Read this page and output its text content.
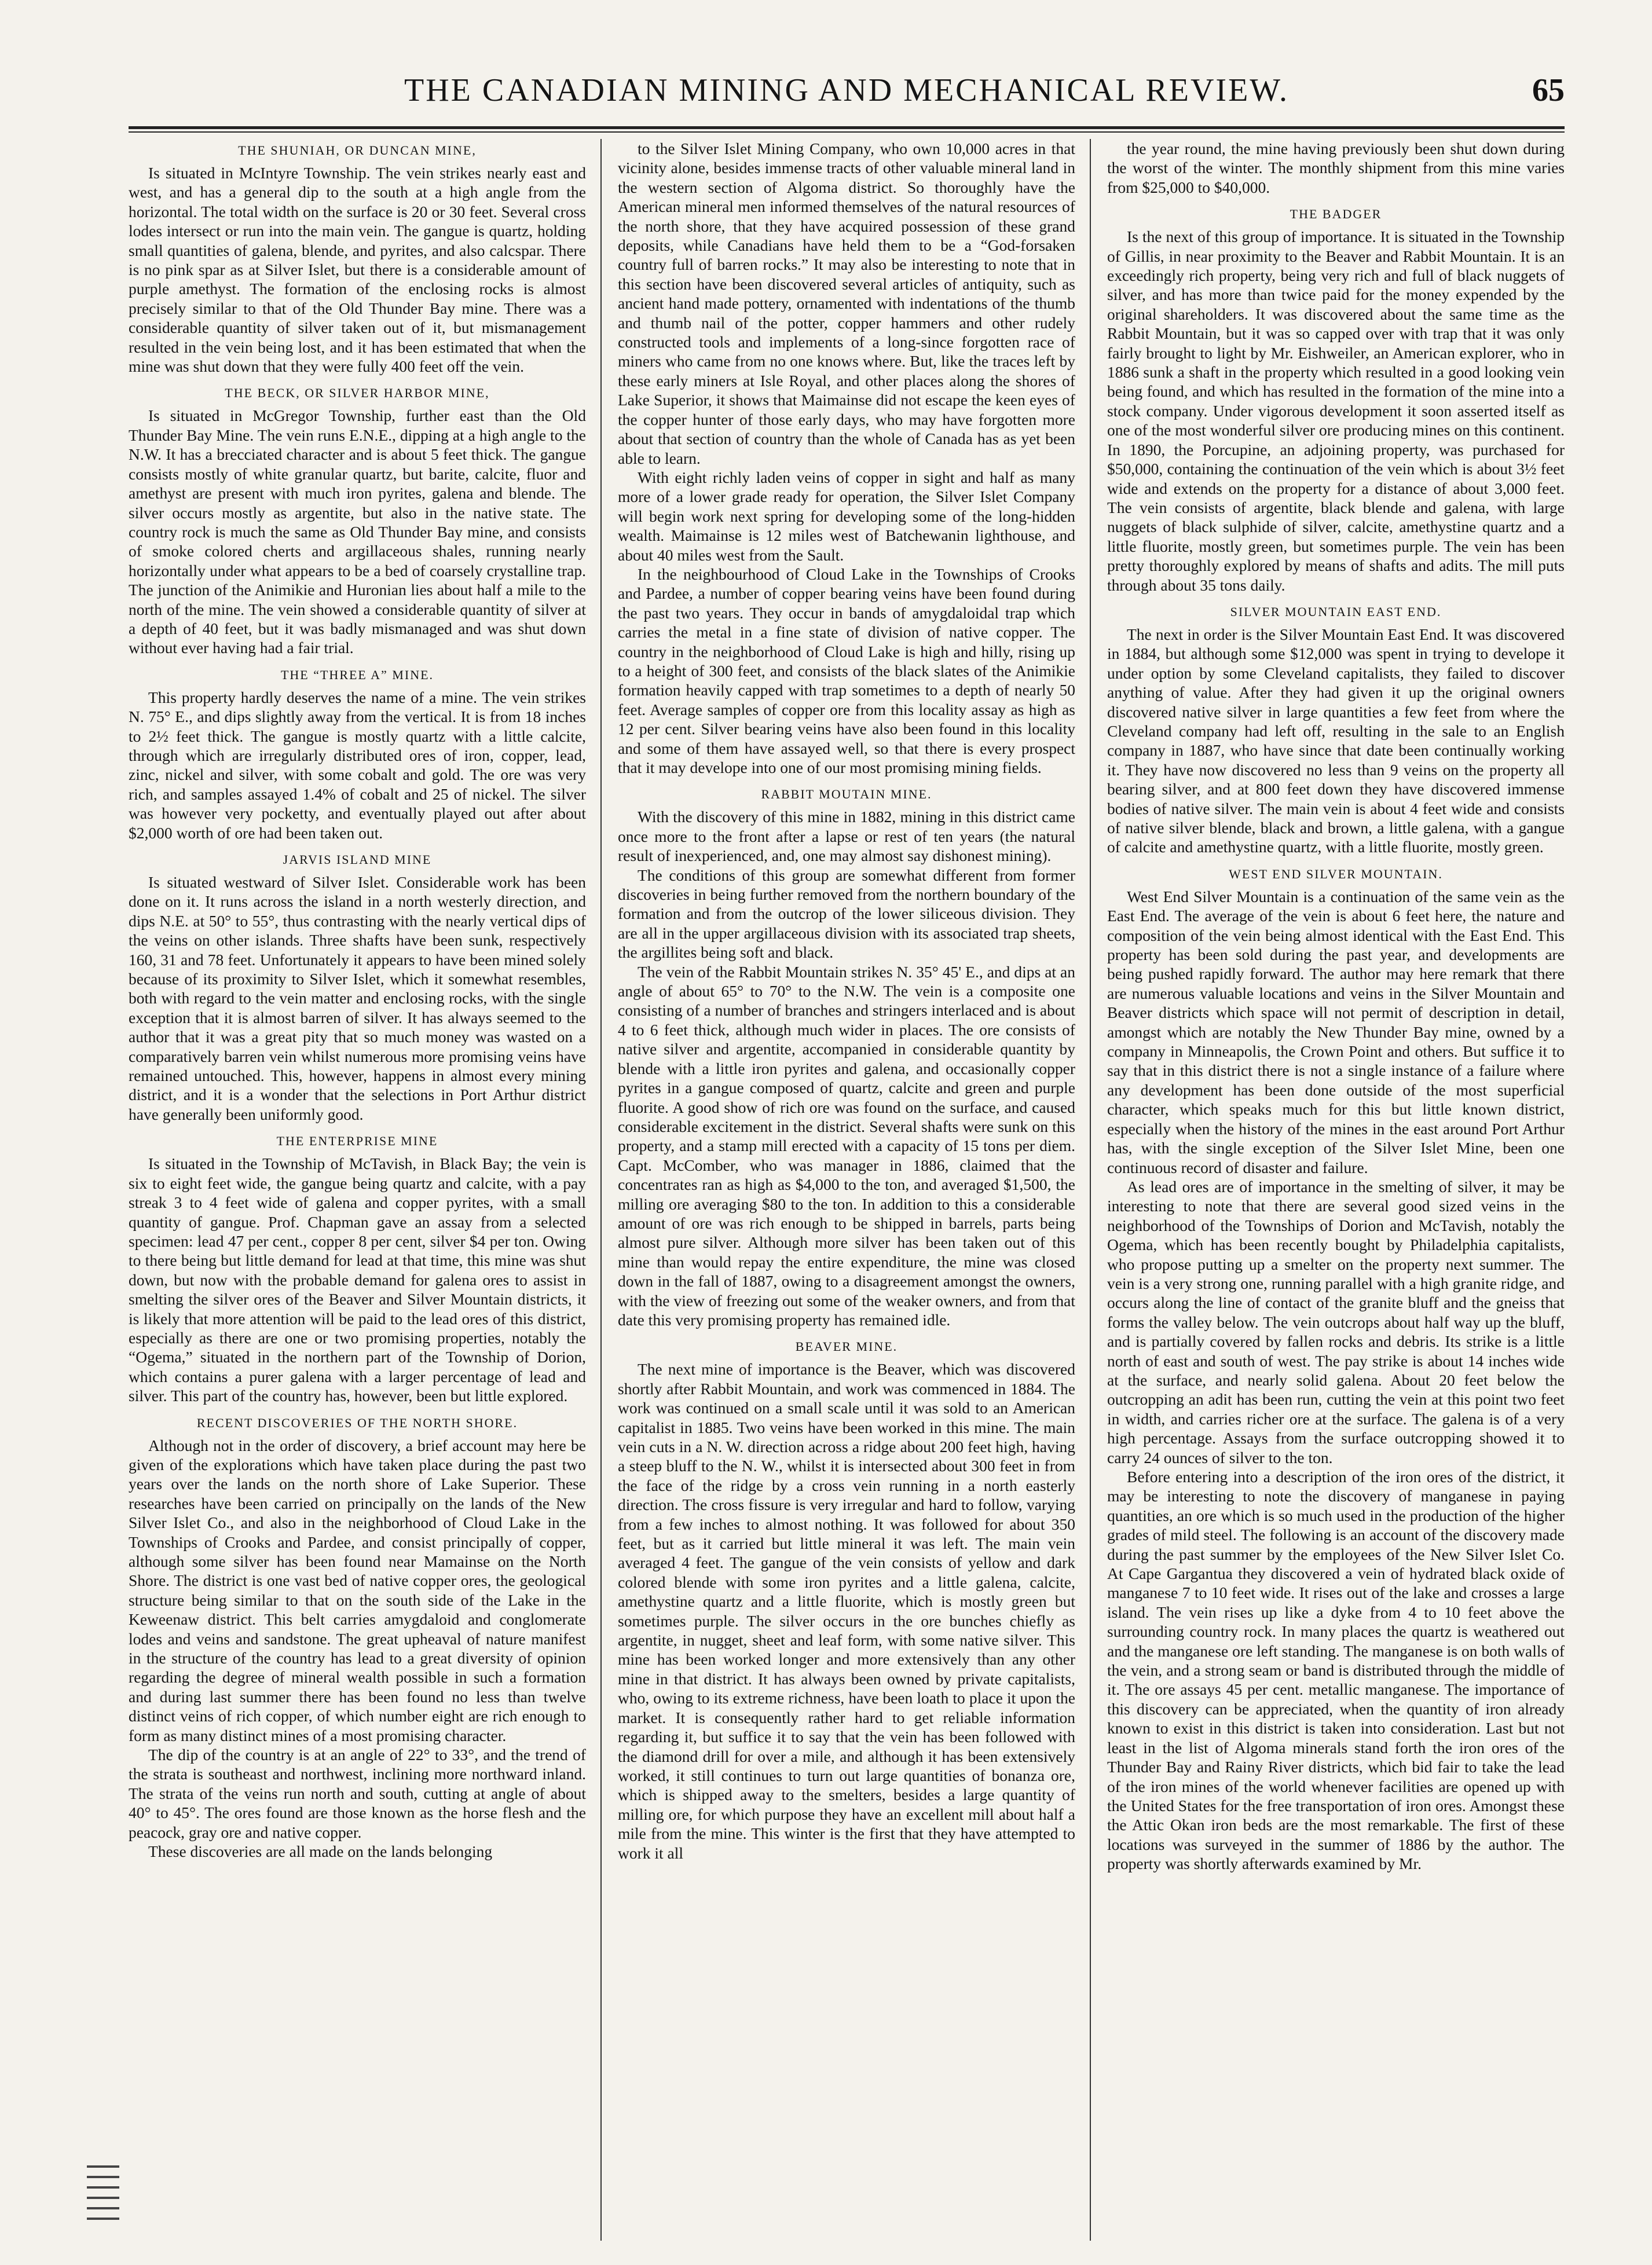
THE CANADIAN MINING AND MECHANICAL REVIEW.	65
THE SHUNIAH, OR DUNCAN MINE,

Is situated in McIntyre Township. The vein strikes nearly east and west, and has a general dip to the south at a high angle from the horizontal. The total width on the surface is 20 or 30 feet. Several cross lodes intersect or run into the main vein. The gangue is quartz, holding small quantities of galena, blende, and pyrites, and also calcspar. There is no pink spar as at Silver Islet, but there is a considerable amount of purple amethyst. The formation of the enclosing rocks is almost precisely similar to that of the Old Thunder Bay mine. There was a considerable quantity of silver taken out of it, but mismanagement resulted in the vein being lost, and it has been estimated that when the mine was shut down that they were fully 400 feet off the vein.

THE BECK, OR SILVER HARBOR MINE,

Is situated in McGregor Township, further east than the Old Thunder Bay Mine. The vein runs E.N.E., dipping at a high angle to the N.W. It has a brecciated character and is about 5 feet thick. The gangue consists mostly of white granular quartz, but barite, calcite, fluor and amethyst are present with much iron pyrites, galena and blende. The silver occurs mostly as argentite, but also in the native state. The country rock is much the same as Old Thunder Bay mine, and consists of smoke colored cherts and argillaceous shales, running nearly horizontally under what appears to be a bed of coarsely crystalline trap. The junction of the Animikie and Huronian lies about half a mile to the north of the mine. The vein showed a considerable quantity of silver at a depth of 40 feet, but it was badly mismanaged and was shut down without ever having had a fair trial.

THE “THREE A” MINE.

This property hardly deserves the name of a mine. The vein strikes N. 75° E., and dips slightly away from the vertical. It is from 18 inches to 2½ feet thick. The gangue is mostly quartz with a little calcite, through which are irregularly distributed ores of iron, copper, lead, zinc, nickel and silver, with some cobalt and gold. The ore was very rich, and samples assayed 1.4% of cobalt and 25 of nickel. The silver was however very pocketty, and eventually played out after about $2,000 worth of ore had been taken out.

JARVIS ISLAND MINE

Is situated westward of Silver Islet. Considerable work has been done on it. It runs across the island in a north westerly direction, and dips N.E. at 50° to 55°, thus contrasting with the nearly vertical dips of the veins on other islands. Three shafts have been sunk, respectively 160, 31 and 78 feet. Unfortunately it appears to have been mined solely because of its proximity to Silver Islet, which it somewhat resembles, both with regard to the vein matter and enclosing rocks, with the single exception that it is almost barren of silver. It has always seemed to the author that it was a great pity that so much money was wasted on a comparatively barren vein whilst numerous more promising veins have remained untouched. This, however, happens in almost every mining district, and it is a wonder that the selections in Port Arthur district have generally been uniformly good.

THE ENTERPRISE MINE

Is situated in the Township of McTavish, in Black Bay; the vein is six to eight feet wide, the gangue being quartz and calcite, with a pay streak 3 to 4 feet wide of galena and copper pyrites, with a small quantity of gangue. Prof. Chapman gave an assay from a selected specimen: lead 47 per cent., copper 8 per cent, silver $4 per ton. Owing to there being but little demand for lead at that time, this mine was shut down, but now with the probable demand for galena ores to assist in smelting the silver ores of the Beaver and Silver Mountain districts, it is likely that more attention will be paid to the lead ores of this district, especially as there are one or two promising properties, notably the “Ogema,” situated in the northern part of the Township of Dorion, which contains a purer galena with a larger percentage of lead and silver. This part of the country has, however, been but little explored.

RECENT DISCOVERIES OF THE NORTH SHORE.

Although not in the order of discovery, a brief account may here be given of the explorations which have taken place during the past two years over the lands on the north shore of Lake Superior. These researches have been carried on principally on the lands of the New Silver Islet Co., and also in the neighborhood of Cloud Lake in the Townships of Crooks and Pardee, and consist principally of copper, although some silver has been found near Mamainse on the North Shore. The district is one vast bed of native copper ores, the geological structure being similar to that on the south side of the Lake in the Keweenaw district. This belt carries amygdaloid and conglomerate lodes and veins and sandstone. The great upheaval of nature manifest in the structure of the country has lead to a great diversity of opinion regarding the degree of mineral wealth possible in such a formation and during last summer there has been found no less than twelve distinct veins of rich copper, of which number eight are rich enough to form as many distinct mines of a most promising character.

The dip of the country is at an angle of 22° to 33°, and the trend of the strata is southeast and northwest, inclining more northward inland. The strata of the veins run north and south, cutting at angle of about 40° to 45°. The ores found are those known as the horse flesh and the peacock, gray ore and native copper.

These discoveries are all made on the lands belonging

to the Silver Islet Mining Company, who own 10,000 acres in that vicinity alone, besides immense tracts of other valuable mineral land in the western section of Algoma district. So thoroughly have the American mineral men informed themselves of the natural resources of the north shore, that they have acquired possession of these grand deposits, while Canadians have held them to be a “God-forsaken country full of barren rocks.” It may also be interesting to note that in this section have been discovered several articles of antiquity, such as ancient hand made pottery, ornamented with indentations of the thumb and thumb nail of the potter, copper hammers and other rudely constructed tools and implements of a long-since forgotten race of miners who came from no one knows where. But, like the traces left by these early miners at Isle Royal, and other places along the shores of Lake Superior, it shows that Maimainse did not escape the keen eyes of the copper hunter of those early days, who may have forgotten more about that section of country than the whole of Canada has as yet been able to learn.

With eight richly laden veins of copper in sight and half as many more of a lower grade ready for operation, the Silver Islet Company will begin work next spring for developing some of the long-hidden wealth. Maimainse is 12 miles west of Batchewanin lighthouse, and about 40 miles west from the Sault.

In the neighbourhood of Cloud Lake in the Townships of Crooks and Pardee, a number of copper bearing veins have been found during the past two years. They occur in bands of amygdaloidal trap which carries the metal in a fine state of division of native copper. The country in the neighborhood of Cloud Lake is high and hilly, rising up to a height of 300 feet, and consists of the black slates of the Animikie formation heavily capped with trap sometimes to a depth of nearly 50 feet. Average samples of copper ore from this locality assay as high as 12 per cent. Silver bearing veins have also been found in this locality and some of them have assayed well, so that there is every prospect that it may develope into one of our most promising mining fields.

RABBIT MOUTAIN MINE.

With the discovery of this mine in 1882, mining in this district came once more to the front after a lapse or rest of ten years (the natural result of inexperienced, and, one may almost say dishonest mining).

The conditions of this group are somewhat different from former discoveries in being further removed from the northern boundary of the formation and from the outcrop of the lower siliceous division. They are all in the upper argillaceous division with its associated trap sheets, the argillites being soft and black.

The vein of the Rabbit Mountain strikes N. 35° 45' E., and dips at an angle of about 65° to 70° to the N.W. The vein is a composite one consisting of a number of branches and stringers interlaced and is about 4 to 6 feet thick, although much wider in places. The ore consists of native silver and argentite, accompanied in considerable quantity by blende with a little iron pyrites and galena, and occasionally copper pyrites in a gangue composed of quartz, calcite and green and purple fluorite. A good show of rich ore was found on the surface, and caused considerable excitement in the district. Several shafts were sunk on this property, and a stamp mill erected with a capacity of 15 tons per diem. Capt. McComber, who was manager in 1886, claimed that the concentrates ran as high as $4,000 to the ton, and averaged $1,500, the milling ore averaging $80 to the ton. In addition to this a considerable amount of ore was rich enough to be shipped in barrels, parts being almost pure silver. Although more silver has been taken out of this mine than would repay the entire expenditure, the mine was closed down in the fall of 1887, owing to a disagreement amongst the owners, with the view of freezing out some of the weaker owners, and from that date this very promising property has remained idle.

BEAVER MINE.

The next mine of importance is the Beaver, which was discovered shortly after Rabbit Mountain, and work was commenced in 1884. The work was continued on a small scale until it was sold to an American capitalist in 1885. Two veins have been worked in this mine. The main vein cuts in a N. W. direction across a ridge about 200 feet high, having a steep bluff to the N. W., whilst it is intersected about 300 feet in from the face of the ridge by a cross vein running in a north easterly direction. The cross fissure is very irregular and hard to follow, varying from a few inches to almost nothing. It was followed for about 350 feet, but as it carried but little mineral it was left. The main vein averaged 4 feet. The gangue of the vein consists of yellow and dark colored blende with some iron pyrites and a little galena, calcite, amethystine quartz and a little fluorite, which is mostly green but sometimes purple. The silver occurs in the ore bunches chiefly as argentite, in nugget, sheet and leaf form, with some native silver. This mine has been worked longer and more extensively than any other mine in that district. It has always been owned by private capitalists, who, owing to its extreme richness, have been loath to place it upon the market. It is consequently rather hard to get reliable information regarding it, but suffice it to say that the vein has been followed with the diamond drill for over a mile, and although it has been extensively worked, it still continues to turn out large quantities of bonanza ore, which is shipped away to the smelters, besides a large quantity of milling ore, for which purpose they have an excellent mill about half a mile from the mine. This winter is the first that they have attempted to work it all

the year round, the mine having previously been shut down during the worst of the winter. The monthly shipment from this mine varies from $25,000 to $40,000.

THE BADGER

Is the next of this group of importance. It is situated in the Township of Gillis, in near proximity to the Beaver and Rabbit Mountain. It is an exceedingly rich property, being very rich and full of black nuggets of silver, and has more than twice paid for the money expended by the original shareholders. It was discovered about the same time as the Rabbit Mountain, but it was so capped over with trap that it was only fairly brought to light by Mr. Eishweiler, an American explorer, who in 1886 sunk a shaft in the property which resulted in a good looking vein being found, and which has resulted in the formation of the mine into a stock company. Under vigorous development it soon asserted itself as one of the most wonderful silver ore producing mines on this continent. In 1890, the Porcupine, an adjoining property, was purchased for $50,000, containing the continuation of the vein which is about 3½ feet wide and extends on the property for a distance of about 3,000 feet. The vein consists of argentite, black blende and galena, with large nuggets of black sulphide of silver, calcite, amethystine quartz and a little fluorite, mostly green, but sometimes purple. The vein has been pretty thoroughly explored by means of shafts and adits. The mill puts through about 35 tons daily.

SILVER MOUNTAIN EAST END.

The next in order is the Silver Mountain East End. It was discovered in 1884, but although some $12,000 was spent in trying to develope it under option by some Cleveland capitalists, they failed to discover anything of value. After they had given it up the original owners discovered native silver in large quantities a few feet from where the Cleveland company had left off, resulting in the sale to an English company in 1887, who have since that date been continually working it. They have now discovered no less than 9 veins on the property all bearing silver, and at 800 feet down they have discovered immense bodies of native silver. The main vein is about 4 feet wide and consists of native silver blende, black and brown, a little galena, with a gangue of calcite and amethystine quartz, with a little fluorite, mostly green.

WEST END SILVER MOUNTAIN.

West End Silver Mountain is a continuation of the same vein as the East End. The average of the vein is about 6 feet here, the nature and composition of the vein being almost identical with the East End. This property has been sold during the past year, and developments are being pushed rapidly forward. The author may here remark that there are numerous valuable locations and veins in the Silver Mountain and Beaver districts which space will not permit of description in detail, amongst which are notably the New Thunder Bay mine, owned by a company in Minneapolis, the Crown Point and others. But suffice it to say that in this district there is not a single instance of a failure where any development has been done outside of the most superficial character, which speaks much for this but little known district, especially when the history of the mines in the east around Port Arthur has, with the single exception of the Silver Islet Mine, been one continuous record of disaster and failure.

As lead ores are of importance in the smelting of silver, it may be interesting to note that there are several good sized veins in the neighborhood of the Townships of Dorion and McTavish, notably the Ogema, which has been recently bought by Philadelphia capitalists, who propose putting up a smelter on the property next summer. The vein is a very strong one, running parallel with a high granite ridge, and occurs along the line of contact of the granite bluff and the gneiss that forms the valley below. The vein outcrops about half way up the bluff, and is partially covered by fallen rocks and debris. Its strike is a little north of east and south of west. The pay strike is about 14 inches wide at the surface, and nearly solid galena. About 20 feet below the outcropping an adit has been run, cutting the vein at this point two feet in width, and carries richer ore at the surface. The galena is of a very high percentage. Assays from the surface outcropping showed it to carry 24 ounces of silver to the ton.

Before entering into a description of the iron ores of the district, it may be interesting to note the discovery of manganese in paying quantities, an ore which is so much used in the production of the higher grades of mild steel. The following is an account of the discovery made during the past summer by the employees of the New Silver Islet Co. At Cape Gargantua they discovered a vein of hydrated black oxide of manganese 7 to 10 feet wide. It rises out of the lake and crosses a large island. The vein rises up like a dyke from 4 to 10 feet above the surrounding country rock. In many places the quartz is weathered out and the manganese ore left standing. The manganese is on both walls of the vein, and a strong seam or band is distributed through the middle of it. The ore assays 45 per cent. metallic manganese. The importance of this discovery can be appreciated, when the quantity of iron already known to exist in this district is taken into consideration. Last but not least in the list of Algoma minerals stand forth the iron ores of the Thunder Bay and Rainy River districts, which bid fair to take the lead of the iron mines of the world whenever facilities are opened up with the United States for the free transportation of iron ores. Amongst these the Attic Okan iron beds are the most remarkable. The first of these locations was surveyed in the summer of 1886 by the author. The property was shortly afterwards examined by Mr.
